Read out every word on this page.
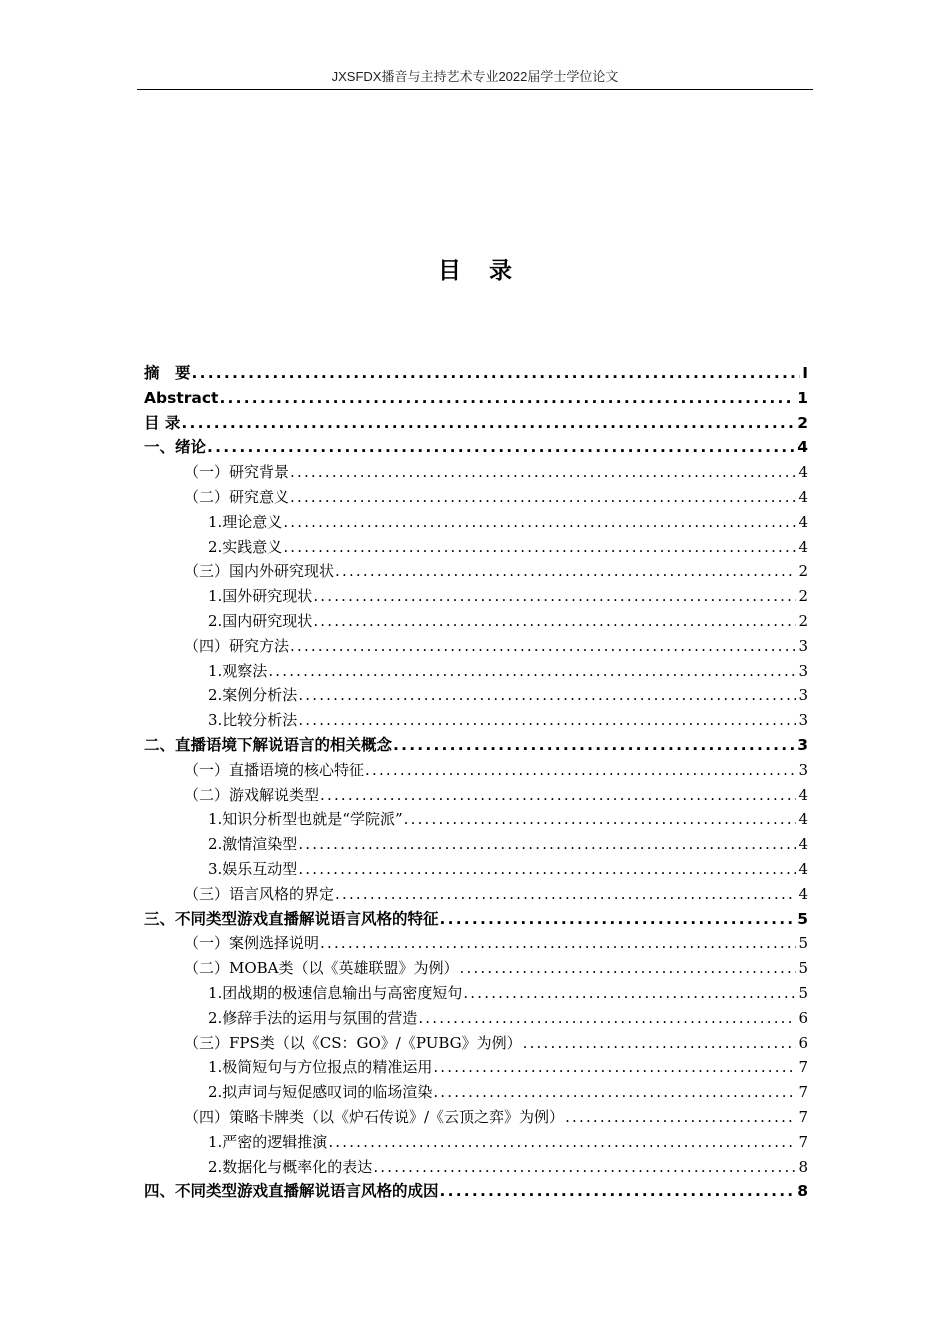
JXSFDX播音与主持艺术专业2022届学士学位论文
目 录
摘　要 .....	I
Abstract .....	1
目 录 .....	2
一、绪论 .....	4
（一）研究背景 .....	4
（二）研究意义 .....	4
1.理论意义 .....	4
2.实践意义 .....	4
（三）国内外研究现状 .....	2
1.国外研究现状 .....	2
2.国内研究现状 .....	2
（四）研究方法 .....	3
1.观察法 .....	3
2.案例分析法 .....	3
3.比较分析法 .....	3
二、直播语境下解说语言的相关概念 .....	3
（一）直播语境的核心特征 .....	3
（二）游戏解说类型 .....	4
1.知识分析型也就是“学院派” .....	4
2.激情渲染型 .....	4
3.娱乐互动型 .....	4
（三）语言风格的界定 .....	4
三、不同类型游戏直播解说语言风格的特征 .....	5
（一）案例选择说明 .....	5
（二）MOBA类（以《英雄联盟》为例） .....	5
1.团战期的极速信息输出与高密度短句 .....	5
2.修辞手法的运用与氛围的营造 .....	6
（三）FPS类（以《CS：GO》/《PUBG》为例） .....	6
1.极简短句与方位报点的精准运用 .....	7
2.拟声词与短促感叹词的临场渲染 .....	7
（四）策略卡牌类（以《炉石传说》/《云顶之弈》为例） .....	7
1.严密的逻辑推演 .....	7
2.数据化与概率化的表达 .....	8
四、不同类型游戏直播解说语言风格的成因 .....	8
